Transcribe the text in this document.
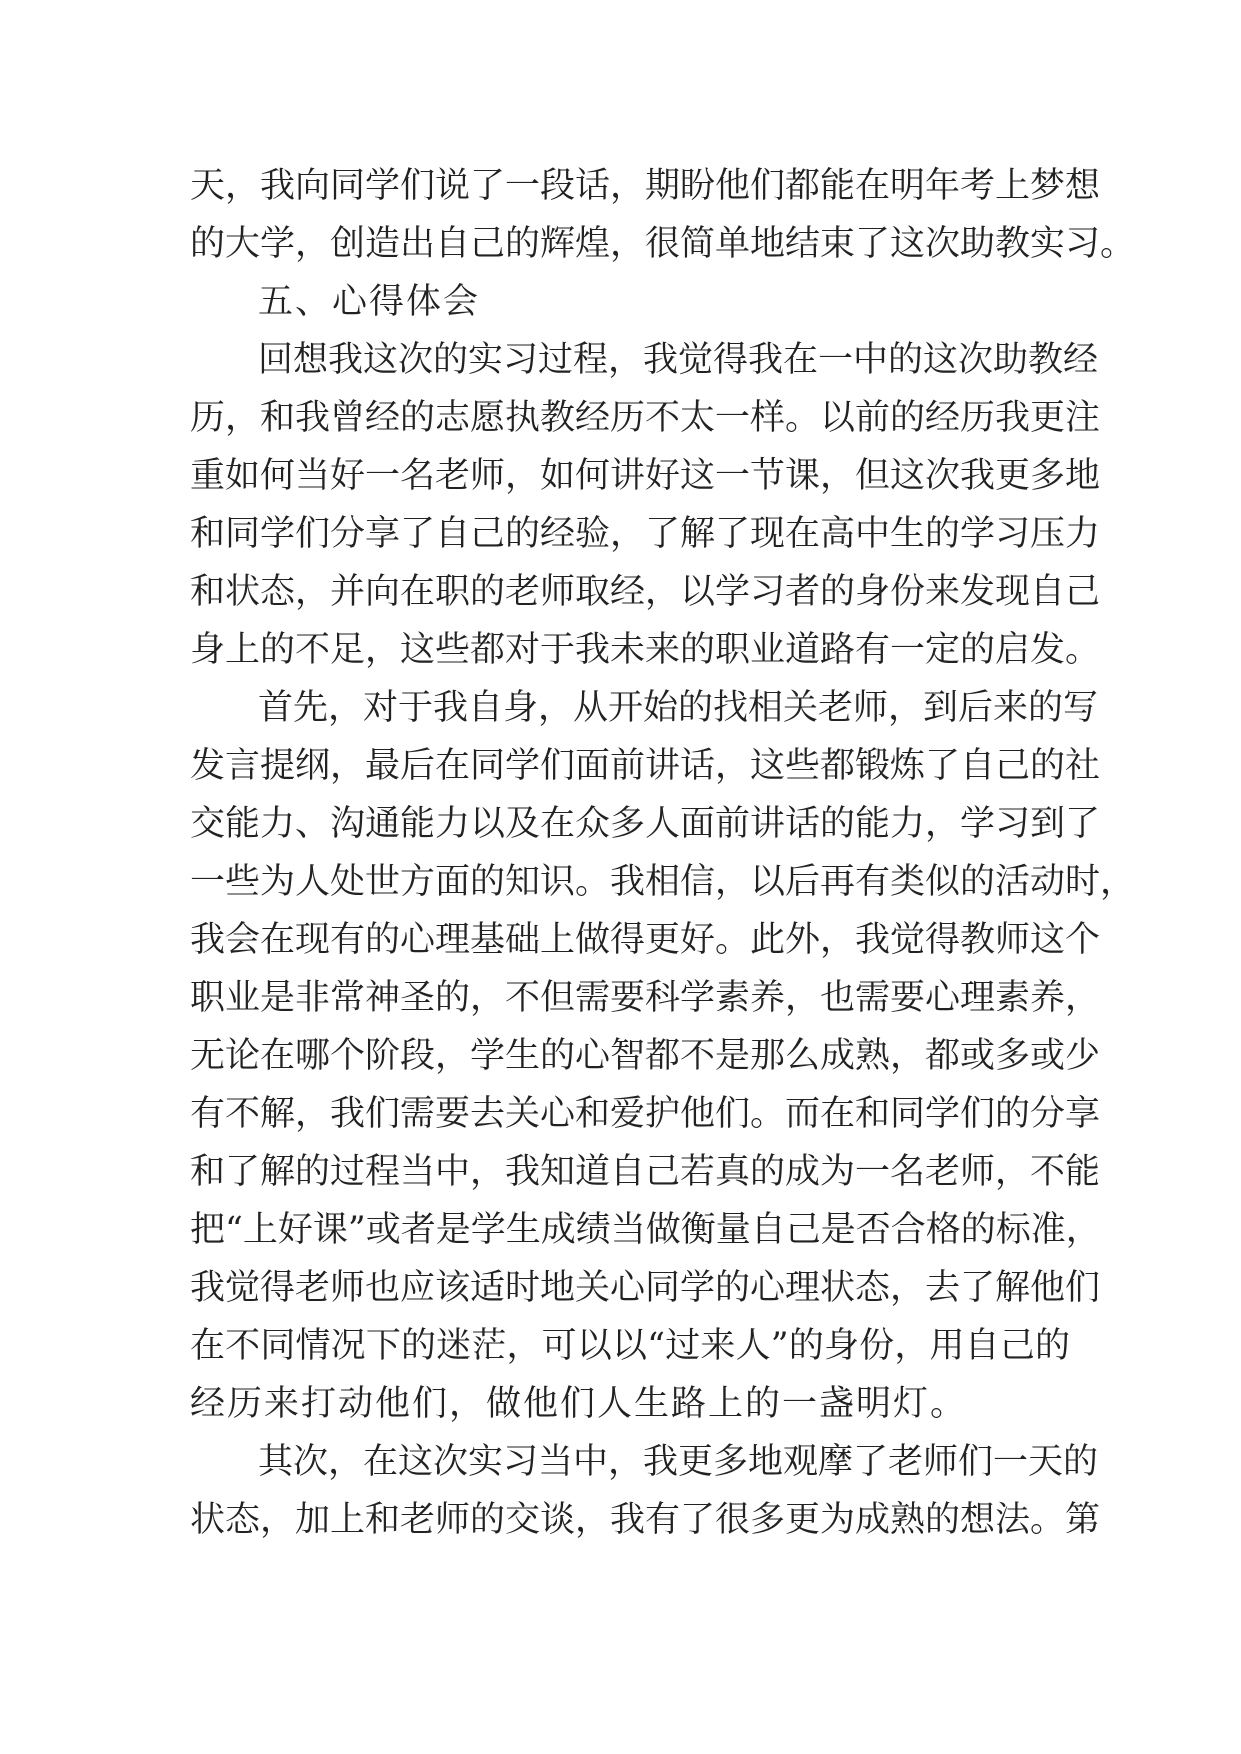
天，我向同学们说了一段话，期盼他们都能在明年考上梦想
的大学，创造出自己的辉煌，很简单地结束了这次助教实习。
五、心得体会
回想我这次的实习过程，我觉得我在一中的这次助教经
历，和我曾经的志愿执教经历不太一样。以前的经历我更注
重如何当好一名老师，如何讲好这一节课，但这次我更多地
和同学们分享了自己的经验，了解了现在高中生的学习压力
和状态，并向在职的老师取经，以学习者的身份来发现自己
身上的不足，这些都对于我未来的职业道路有一定的启发。
首先，对于我自身，从开始的找相关老师，到后来的写
发言提纲，最后在同学们面前讲话，这些都锻炼了自己的社
交能力、沟通能力以及在众多人面前讲话的能力，学习到了
一些为人处世方面的知识。我相信，以后再有类似的活动时，
我会在现有的心理基础上做得更好。此外，我觉得教师这个
职业是非常神圣的，不但需要科学素养，也需要心理素养，
无论在哪个阶段，学生的心智都不是那么成熟，都或多或少
有不解，我们需要去关心和爱护他们。而在和同学们的分享
和了解的过程当中，我知道自己若真的成为一名老师，不能
把“上好课”或者是学生成绩当做衡量自己是否合格的标准，
我觉得老师也应该适时地关心同学的心理状态，去了解他们
在不同情况下的迷茫，可以以“过来人”的身份，用自己的
经历来打动他们，做他们人生路上的一盏明灯。
其次，在这次实习当中，我更多地观摩了老师们一天的
状态，加上和老师的交谈，我有了很多更为成熟的想法。第
